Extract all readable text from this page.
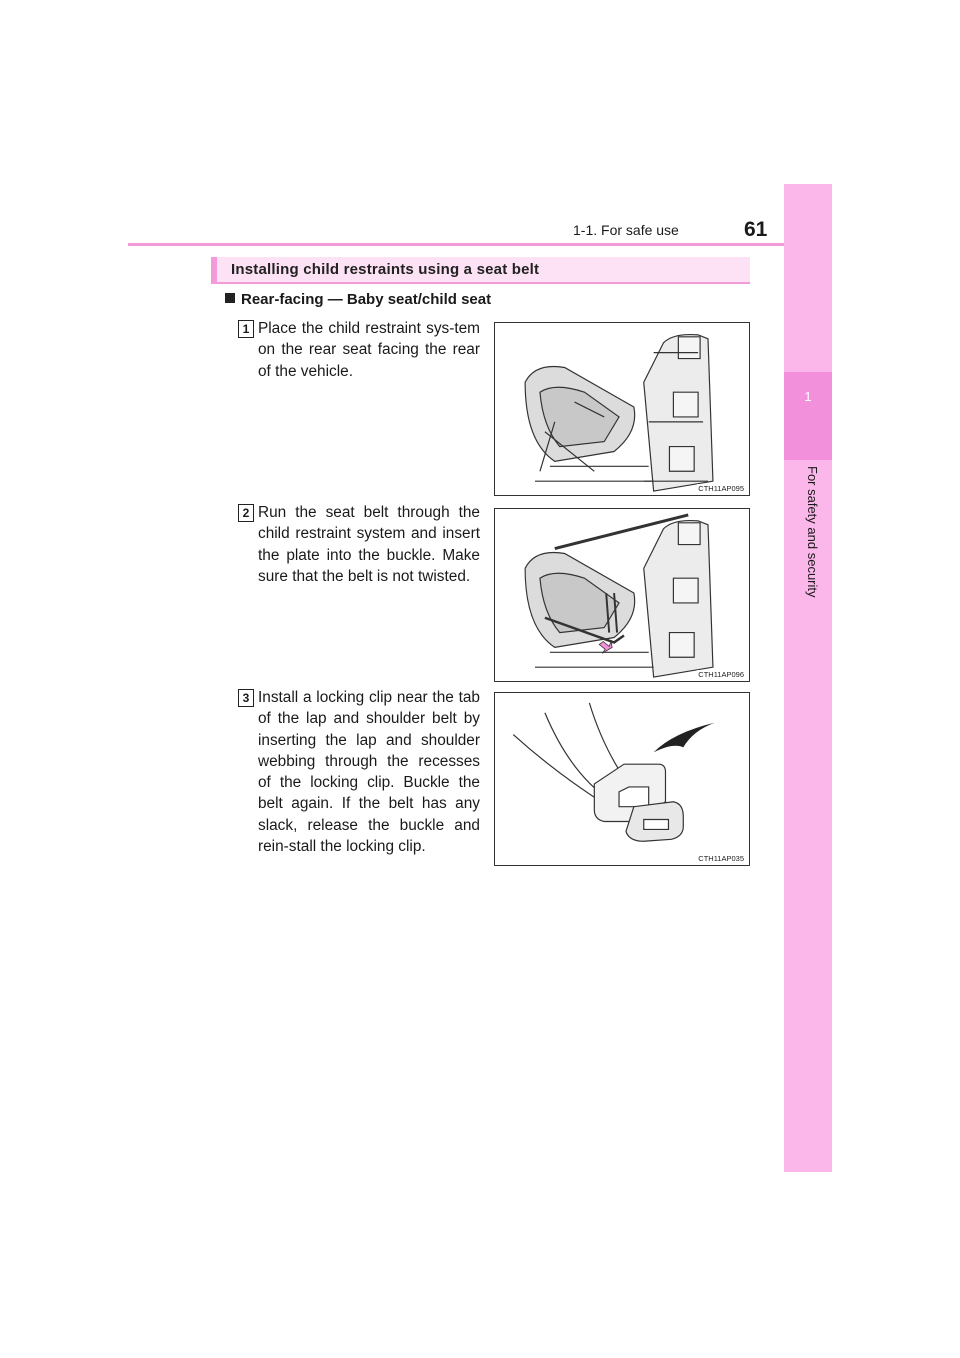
1-1. For safe use	61
1
For safety and security
Installing child restraints using a seat belt
Rear-facing — Baby seat/child seat
1 Place the child restraint sys-tem on the rear seat facing the rear of the vehicle.
CTH11AP095
2 Run the seat belt through the child restraint system and insert the plate into the buckle. Make sure that the belt is not twisted.
CTH11AP096
3 Install a locking clip near the tab of the lap and shoulder belt by inserting the lap and shoulder webbing through the recesses of the locking clip. Buckle the belt again. If the belt has any slack, release the buckle and rein-stall the locking clip.
CTH11AP035
